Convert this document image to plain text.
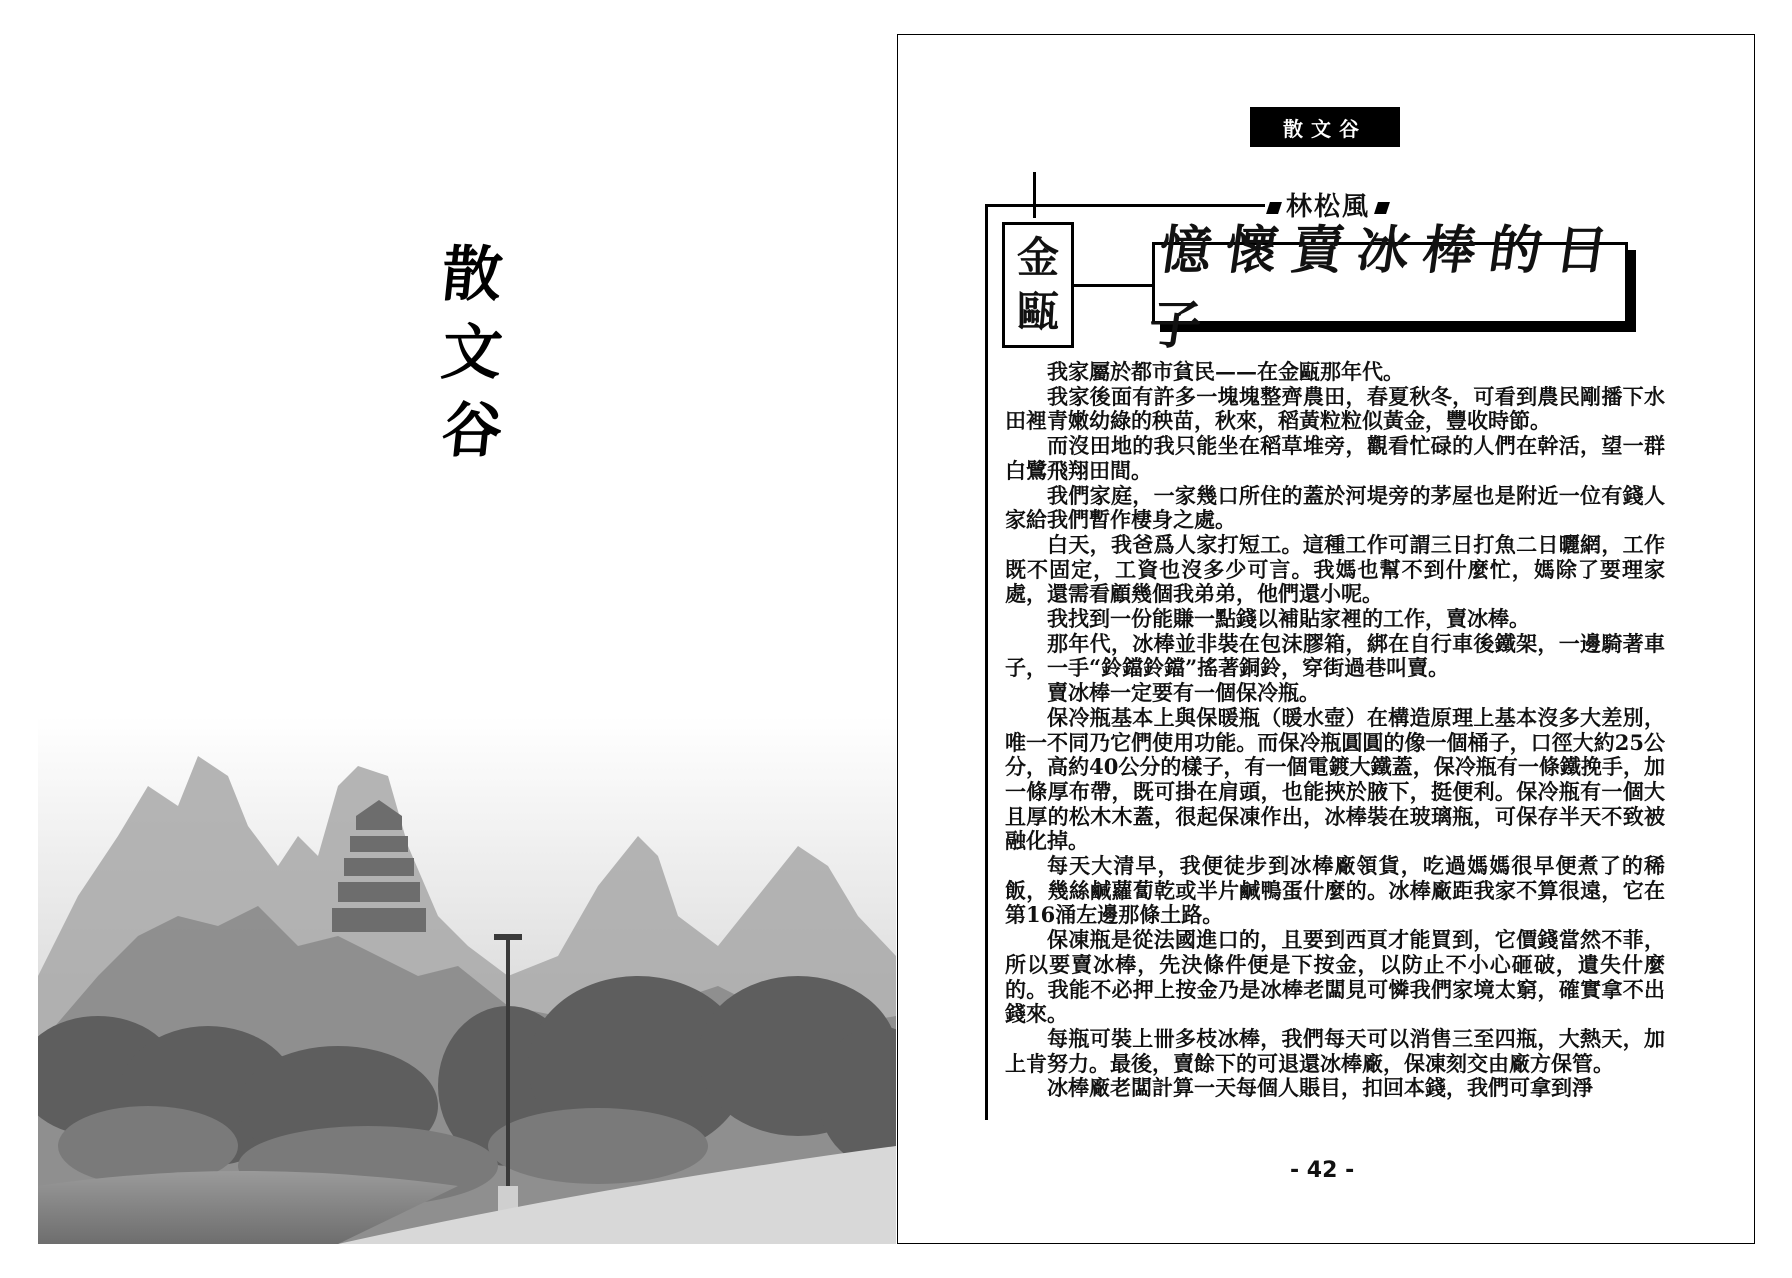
散
文
谷
散文谷
林松風
金
甌
憶懷賣冰棒的日子

我家屬於都市貧民——在金甌那年代。

我家後面有許多一塊塊整齊農田，春夏秋冬，可看到農民剛播下水田裡青嫩幼綠的秧苗，秋來，稻黃粒粒似黃金，豐收時節。

而沒田地的我只能坐在稻草堆旁，觀看忙碌的人們在幹活，望一群白鷺飛翔田間。

我們家庭，一家幾口所住的蓋於河堤旁的茅屋也是附近一位有錢人家給我們暫作棲身之處。

白天，我爸爲人家打短工。這種工作可謂三日打魚二日曬網，工作既不固定，工資也沒多少可言。我媽也幫不到什麼忙，媽除了要理家處，還需看顧幾個我弟弟，他們還小呢。

我找到一份能賺一點錢以補貼家裡的工作，賣冰棒。

那年代，冰棒並非裝在包沫膠箱，綁在自行車後鐵架，一邊騎著車子，一手“鈴鐺鈴鐺”搖著銅鈴，穿街過巷叫賣。

賣冰棒一定要有一個保冷瓶。

保冷瓶基本上與保暖瓶（暖水壺）在構造原理上基本沒多大差別，唯一不同乃它們使用功能。而保冷瓶圓圓的像一個桶子，口徑大約25公分，高約40公分的樣子，有一個電鍍大鐵蓋，保冷瓶有一條鐵挽手，加一條厚布帶，既可掛在肩頭，也能挾於腋下，挺便利。保冷瓶有一個大且厚的松木木蓋，很起保凍作出，冰棒裝在玻璃瓶，可保存半天不致被融化掉。

每天大清早，我便徒步到冰棒廠領貨，吃過媽媽很早便煮了的稀飯，幾絲鹹蘿蔔乾或半片鹹鴨蛋什麼的。冰棒廠距我家不算很遠，它在第16涌左邊那條土路。

保凍瓶是從法國進口的，且要到西頁才能買到，它價錢當然不菲，所以要賣冰棒，先決條件便是下按金，以防止不小心砸破，遺失什麼的。我能不必押上按金乃是冰棒老闆見可憐我們家境太窮，確實拿不出錢來。

每瓶可裝上卌多枝冰棒，我們每天可以消售三至四瓶，大熱天，加上肯努力。最後，賣餘下的可退還冰棒廠，保凍刻交由廠方保管。

冰棒廠老闆計算一天每個人賬目，扣回本錢，我們可拿到淨

- 42 -
